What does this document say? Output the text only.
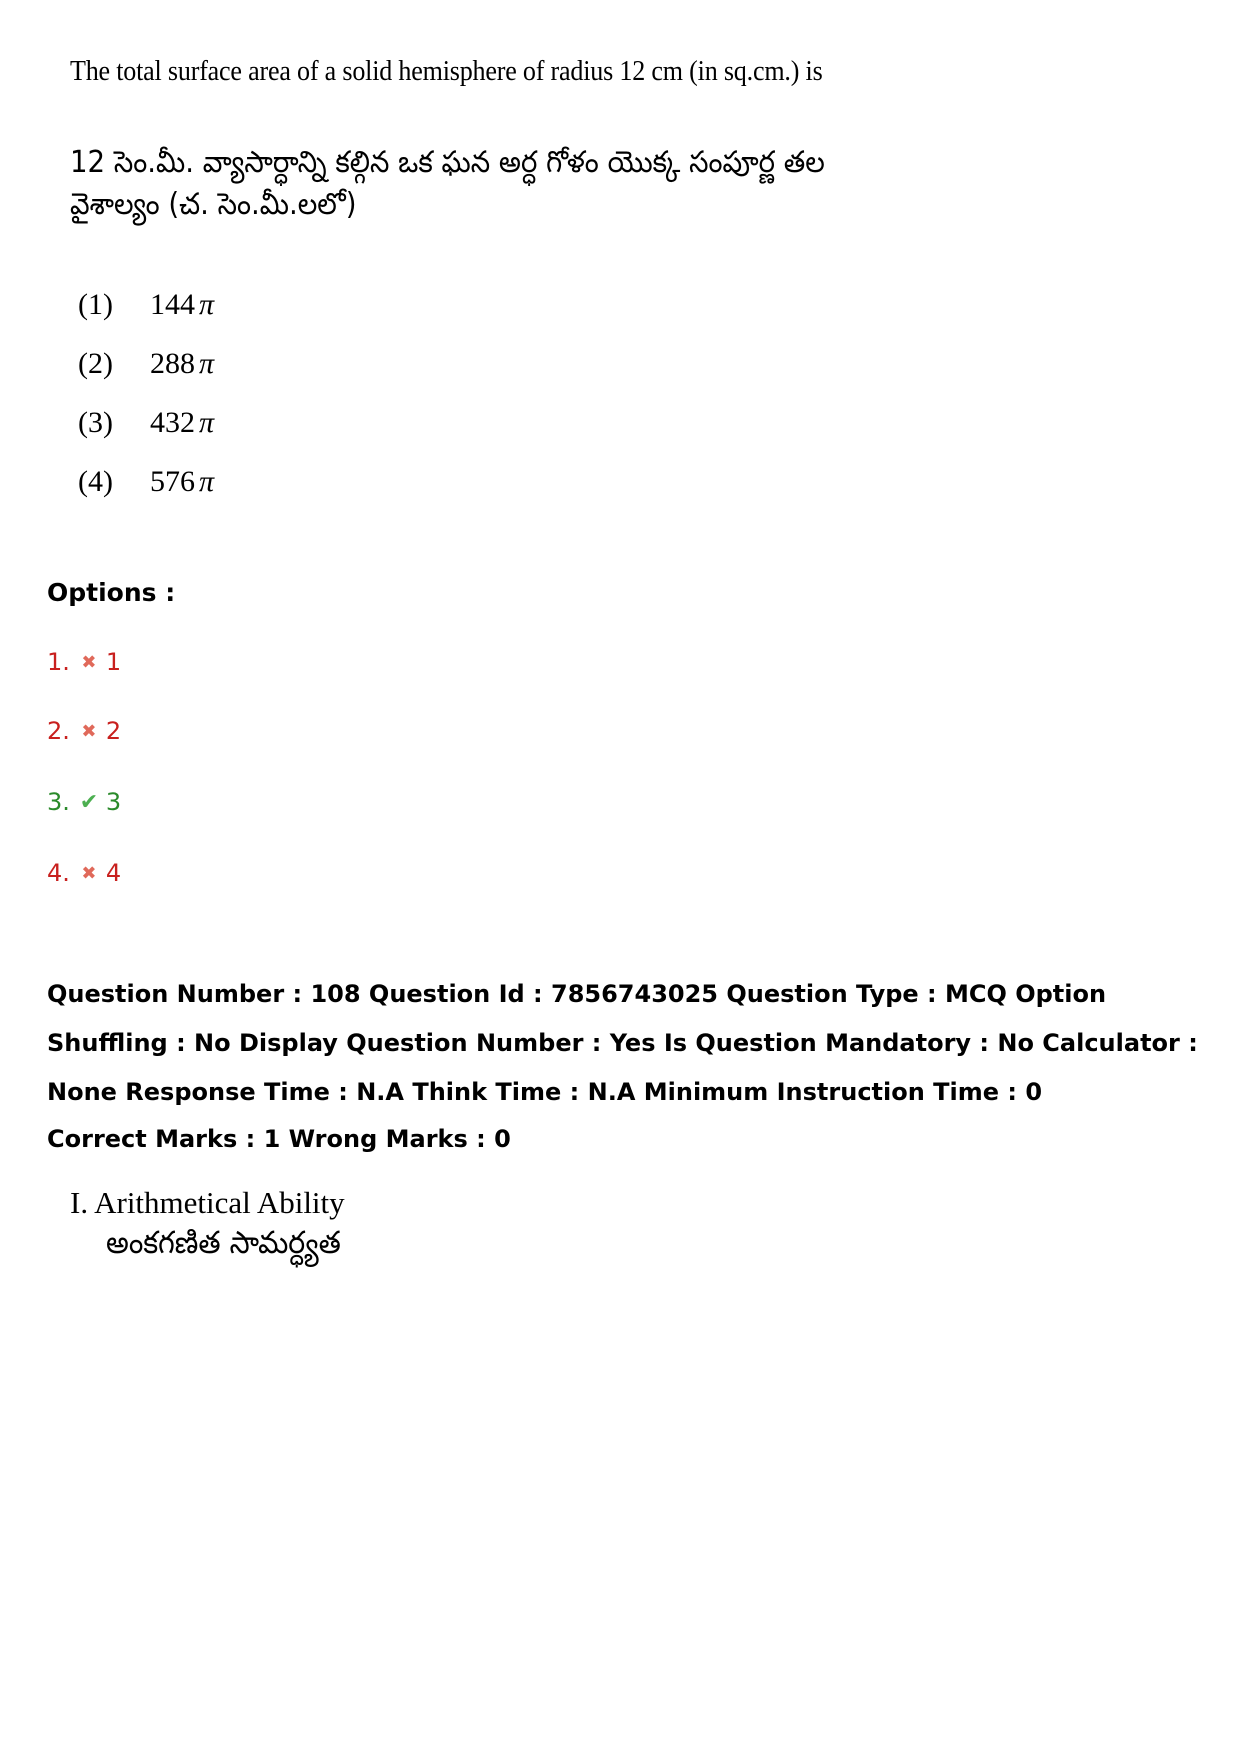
The total surface area of a solid hemisphere of radius 12 cm (in sq.cm.) is
12 సెం.మీ. వ్యాసార్ధాన్ని కల్గిన ఒక ఘన అర్ధ గోళం యొక్క సంపూర్ణ తల
వైశాల్యం (చ. సెం.మీ.లలో)
(1)	144 π
(2)	288 π
(3)	432 π
(4)	576 π

Options :

1. ✖ 1
2. ✖ 2
3. ✔ 3
4. ✖ 4

Question Number : 108 Question Id : 7856743025 Question Type : MCQ Option Shuffling : No Display Question Number : Yes Is Question Mandatory : No Calculator : None Response Time : N.A Think Time : N.A Minimum Instruction Time : 0

Correct Marks : 1 Wrong Marks : 0

I. Arithmetical Ability
అంకగణిత సామర్ధ్యత
